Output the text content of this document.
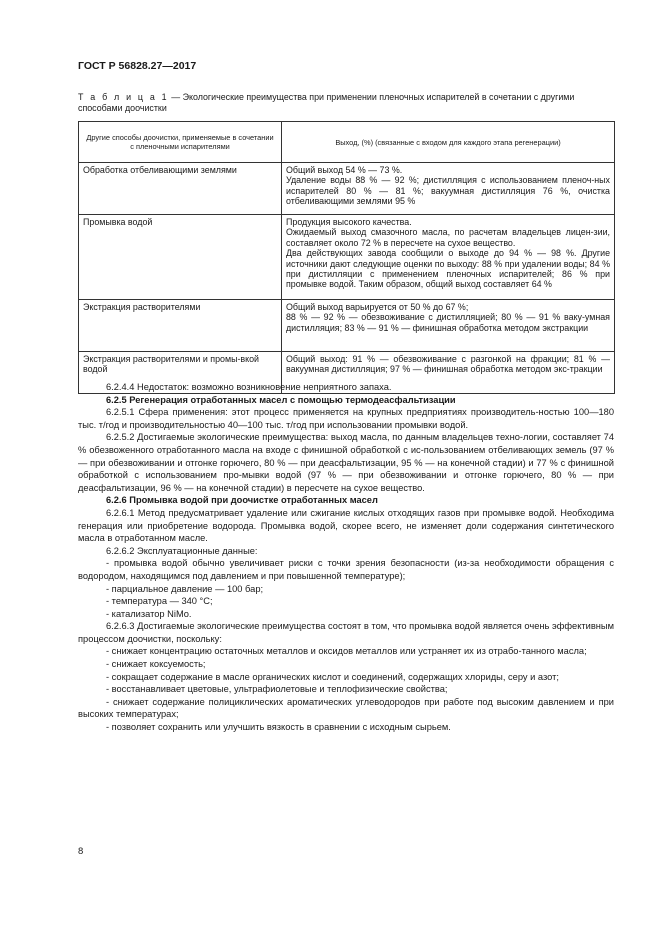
ГОСТ Р 56828.27—2017
Т а б л и ц а 1 — Экологические преимущества при применении пленочных испарителей в сочетании с другими способами доочистки
Другие способы доочистки, применяемые в сочетании с пленочными испарителями	Выход, (%) (связанные с входом для каждого этапа регенерации)
Обработка отбеливающими землями	Общий выход 54 % — 73 %.
Удаление воды 88 % — 92 %; дистилляция с использованием пленоч-ных испарителей 80 % — 81 %; вакуумная дистилляция 76 %, очистка отбеливающими землями 95 %

Промывка водой	Продукция высокого качества.
Ожидаемый выход смазочного масла, по расчетам владельцев лицен-зии, составляет около 72 % в пересчете на сухое вещество.
Два действующих завода сообщили о выходе до 94 % — 98 %. Другие источники дают следующие оценки по выходу: 88 % при удалении воды; 84 % при дистилляции с применением пленочных испарителей; 86 % при промывке водой. Таким образом, общий выход составляет 64 %

Экстракция растворителями	Общий выход варьируется от 50 % до 67 %;
88 % — 92 % — обезвоживание с дистилляцией; 80 % — 91 % ваку-умная дистилляция; 83 % — 91 % — финишная обработка методом экстракции

Экстракция растворителями и промы-вкой водой	Общий выход: 91 % — обезвоживание с разгонкой на фракции; 81 % — вакуумная дистилляция; 97 % — финишная обработка методом экс-тракции

6.2.4.4 Недостаток: возможно возникновение неприятного запаха.

6.2.5 Регенерация отработанных масел с помощью термодеасфальтизации

6.2.5.1 Сфера применения: этот процесс применяется на крупных предприятиях производитель-ностью 100—180 тыс. т/год и производительностью 40—100 тыс. т/год при использовании промывки водой.

6.2.5.2 Достигаемые экологические преимущества: выход масла, по данным владельцев техно-логии, составляет 74 % обезвоженного отработанного масла на входе с финишной обработкой с ис-пользованием отбеливающих земель (97 % — при обезвоживании и отгонке горючего, 80 % — при деасфальтизации, 95 % — на конечной стадии) и 77 % с финишной обработкой с использованием про-мывки водой (97 % — при обезвоживании и отгонке горючего, 80 % — при деасфальтизации, 96 % — на конечной стадии) в пересчете на сухое вещество.

6.2.6 Промывка водой при доочистке отработанных масел

6.2.6.1 Метод предусматривает удаление или сжигание кислых отходящих газов при промывке водой. Необходима генерация или приобретение водорода. Промывка водой, скорее всего, не изменяет доли содержания синтетического масла в отработанном масле.

6.2.6.2 Эксплуатационные данные:

- промывка водой обычно увеличивает риски с точки зрения безопасности (из-за необходимости обращения с водородом, находящимся под давлением и при повышенной температуре);

- парциальное давление — 100 бар;

- температура — 340 °С;

- катализатор NiMo.

6.2.6.3 Достигаемые экологические преимущества состоят в том, что промывка водой является очень эффективным процессом доочистки, поскольку:

- снижает концентрацию остаточных металлов и оксидов металлов или устраняет их из отрабо-танного масла;

- снижает коксуемость;

- сокращает содержание в масле органических кислот и соединений, содержащих хлориды, серу и азот;

- восстанавливает цветовые, ультрафиолетовые и теплофизические свойства;

- снижает содержание полициклических ароматических углеводородов при работе под высоким давлением и при высоких температурах;

- позволяет сохранить или улучшить вязкость в сравнении с исходным сырьем.

8
